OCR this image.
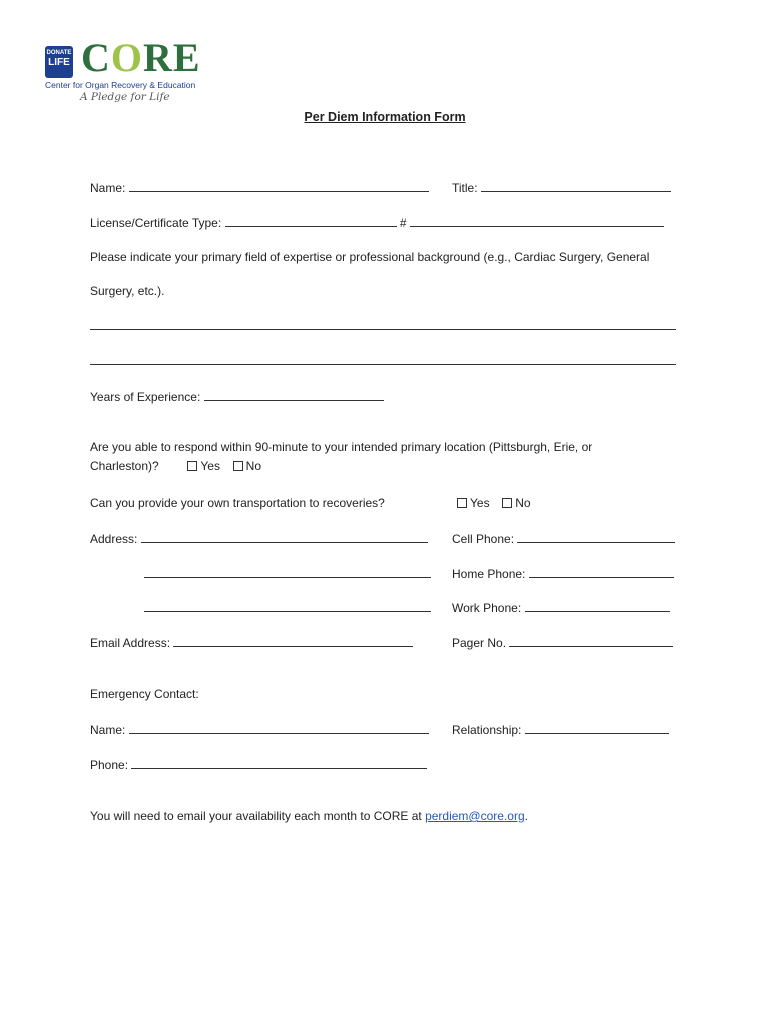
DONATE
LIFE CORE
Center for Organ Recovery & Education
A Pledge for Life
Per Diem Information Form
Name:	Title:
License/Certificate Type:	#
Please indicate your primary field of expertise or professional background (e.g., Cardiac Surgery, General
Surgery, etc.).
Years of Experience:
Are you able to respond within 90-minute to your intended primary location (Pittsburgh, Erie, or
Charleston)?	Yes No
Can you provide your own transportation to recoveries?	Yes No
Address:	Cell Phone:
Home Phone:
Work Phone:
Email Address:	Pager No.
Emergency Contact:
Name:	Relationship:
Phone:
You will need to email your availability each month to CORE at perdiem@core.org.
